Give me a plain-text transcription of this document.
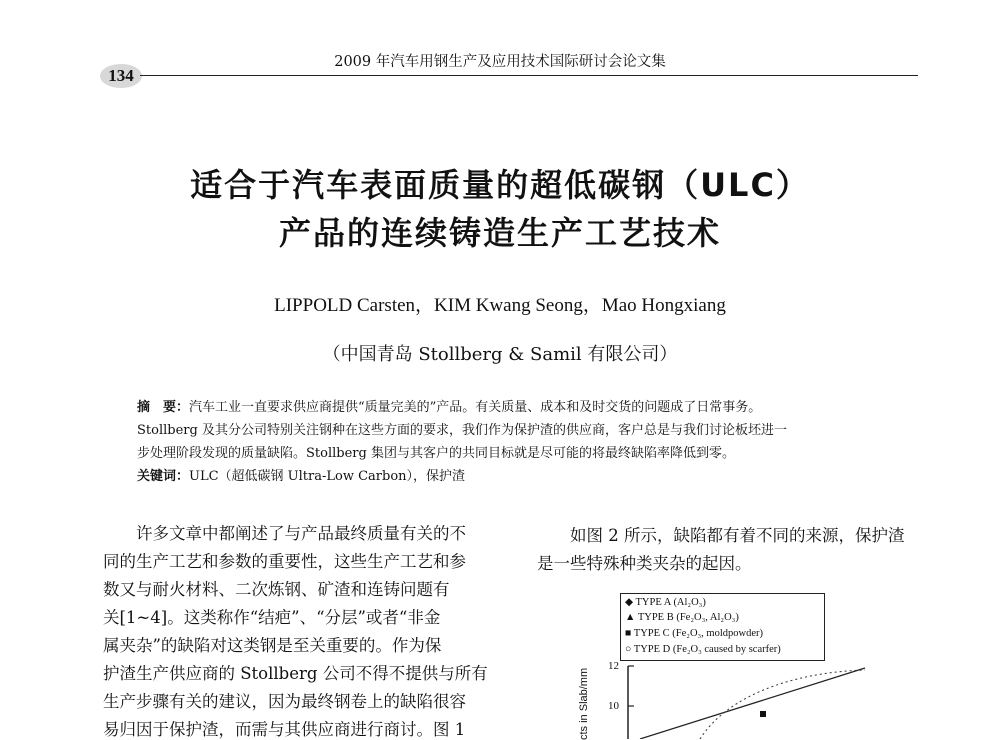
2009 年汽车用钢生产及应用技术国际研讨会论文集
134
适合于汽车表面质量的超低碳钢（ULC）
产品的连续铸造生产工艺技术
LIPPOLD Carsten，KIM Kwang Seong，Mao Hongxiang
（中国青岛 Stollberg & Samil 有限公司）
摘　要：汽车工业一直要求供应商提供“质量完美的”产品。有关质量、成本和及时交货的问题成了日常事务。
Stollberg 及其分公司特别关注钢种在这些方面的要求，我们作为保护渣的供应商，客户总是与我们讨论板坯进一
步处理阶段发现的质量缺陷。Stollberg 集团与其客户的共同目标就是尽可能的将最终缺陷率降低到零。
关键词：ULC（超低碳钢 Ultra-Low Carbon），保护渣
　　许多文章中都阐述了与产品最终质量有关的不
同的生产工艺和参数的重要性，这些生产工艺和参
数又与耐火材料、二次炼钢、矿渣和连铸问题有
关[1~4]。这类称作“结疤”、“分层”或者“非金
属夹杂”的缺陷对这类钢是至关重要的。作为保
护渣生产供应商的 Stollberg 公司不得不提供与所有
生产步骤有关的建议，因为最终钢卷上的缺陷很容
易归因于保护渣，而需与其供应商进行商讨。图 1
　　如图 2 所示，缺陷都有着不同的来源，保护渣
是一些特殊种类夹杂的起因。
◆ TYPE A (Al₂O₃)
▲ TYPE B (Fe₂O₃, Al₂O₃)
■ TYPE C (Fe₂O₃, moldpowder)
○ TYPE D (Fe₂O₃ caused by scarfer)
cts in Slab/mm
12
10
